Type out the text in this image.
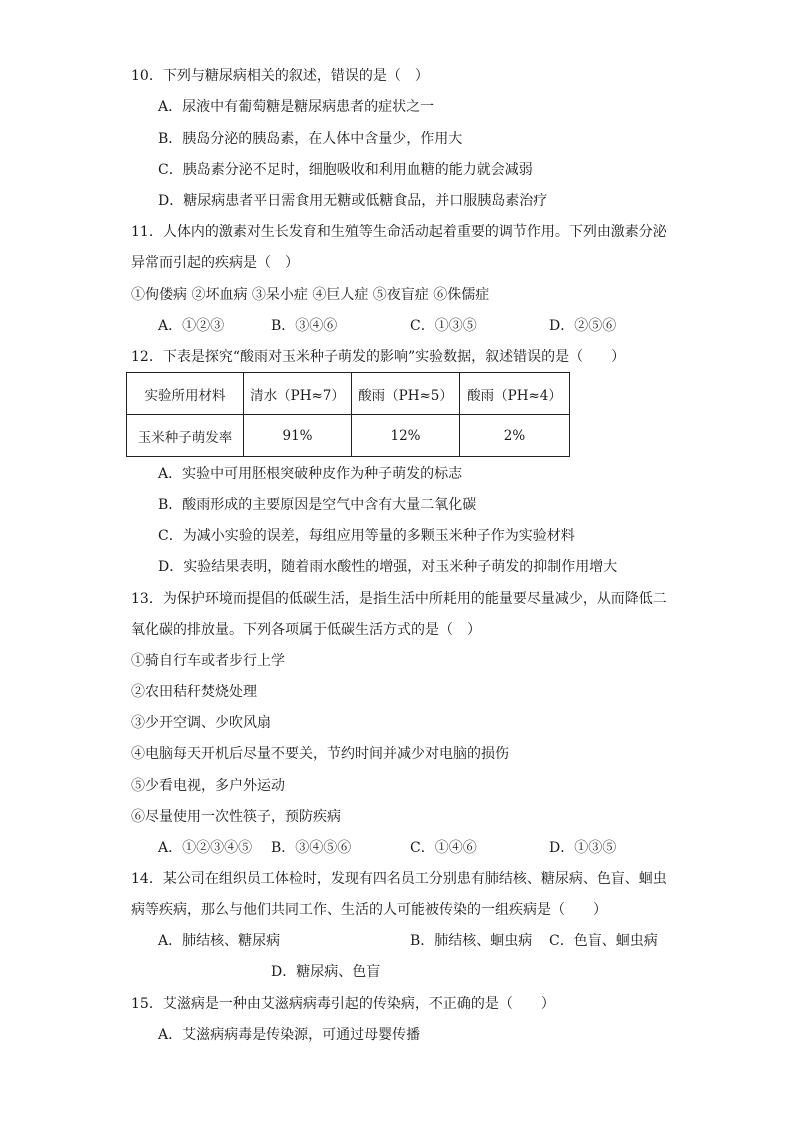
10．下列与糖尿病相关的叙述，错误的是（　）
A．尿液中有葡萄糖是糖尿病患者的症状之一
B．胰岛分泌的胰岛素，在人体中含量少，作用大
C．胰岛素分泌不足时，细胞吸收和利用血糖的能力就会减弱
D．糖尿病患者平日需食用无糖或低糖食品，并口服胰岛素治疗
11．人体内的激素对生长发育和生殖等生命活动起着重要的调节作用。下列由激素分泌
异常而引起的疾病是（　）
①佝偻病 ②坏血病 ③呆小症 ④巨人症 ⑤夜盲症 ⑥侏儒症
A．①②③	B．③④⑥	C．①③⑤	D．②⑤⑥
12．下表是探究“酸雨对玉米种子萌发的影响”实验数据，叙述错误的是（　　）
实验所用材料	清水（PH≈7）	酸雨（PH≈5）	酸雨（PH≈4）
玉米种子萌发率	91%	12%	2%
A．实验中可用胚根突破种皮作为种子萌发的标志
B．酸雨形成的主要原因是空气中含有大量二氧化碳
C．为减小实验的误差，每组应用等量的多颗玉米种子作为实验材料
D．实验结果表明，随着雨水酸性的增强，对玉米种子萌发的抑制作用增大
13．为保护环境而提倡的低碳生活，是指生活中所耗用的能量要尽量减少，从而降低二
氧化碳的排放量。下列各项属于低碳生活方式的是（　）
①骑自行车或者步行上学
②农田秸秆焚烧处理
③少开空调、少吹风扇
④电脑每天开机后尽量不要关，节约时间并减少对电脑的损伤
⑤少看电视，多户外运动
⑥尽量使用一次性筷子，预防疾病
A．①②③④⑤ B．③④⑤⑥	C．①④⑥	D．①③⑤
14．某公司在组织员工体检时，发现有四名员工分别患有肺结核、糖尿病、色盲、蛔虫
病等疾病，那么与他们共同工作、生活的人可能被传染的一组疾病是（　　）
A．肺结核、糖尿病	B．肺结核、蛔虫病 C．色盲、蛔虫病
D．糖尿病、色盲
15．艾滋病是一种由艾滋病病毒引起的传染病，不正确的是（　　）
A．艾滋病病毒是传染源，可通过母婴传播
